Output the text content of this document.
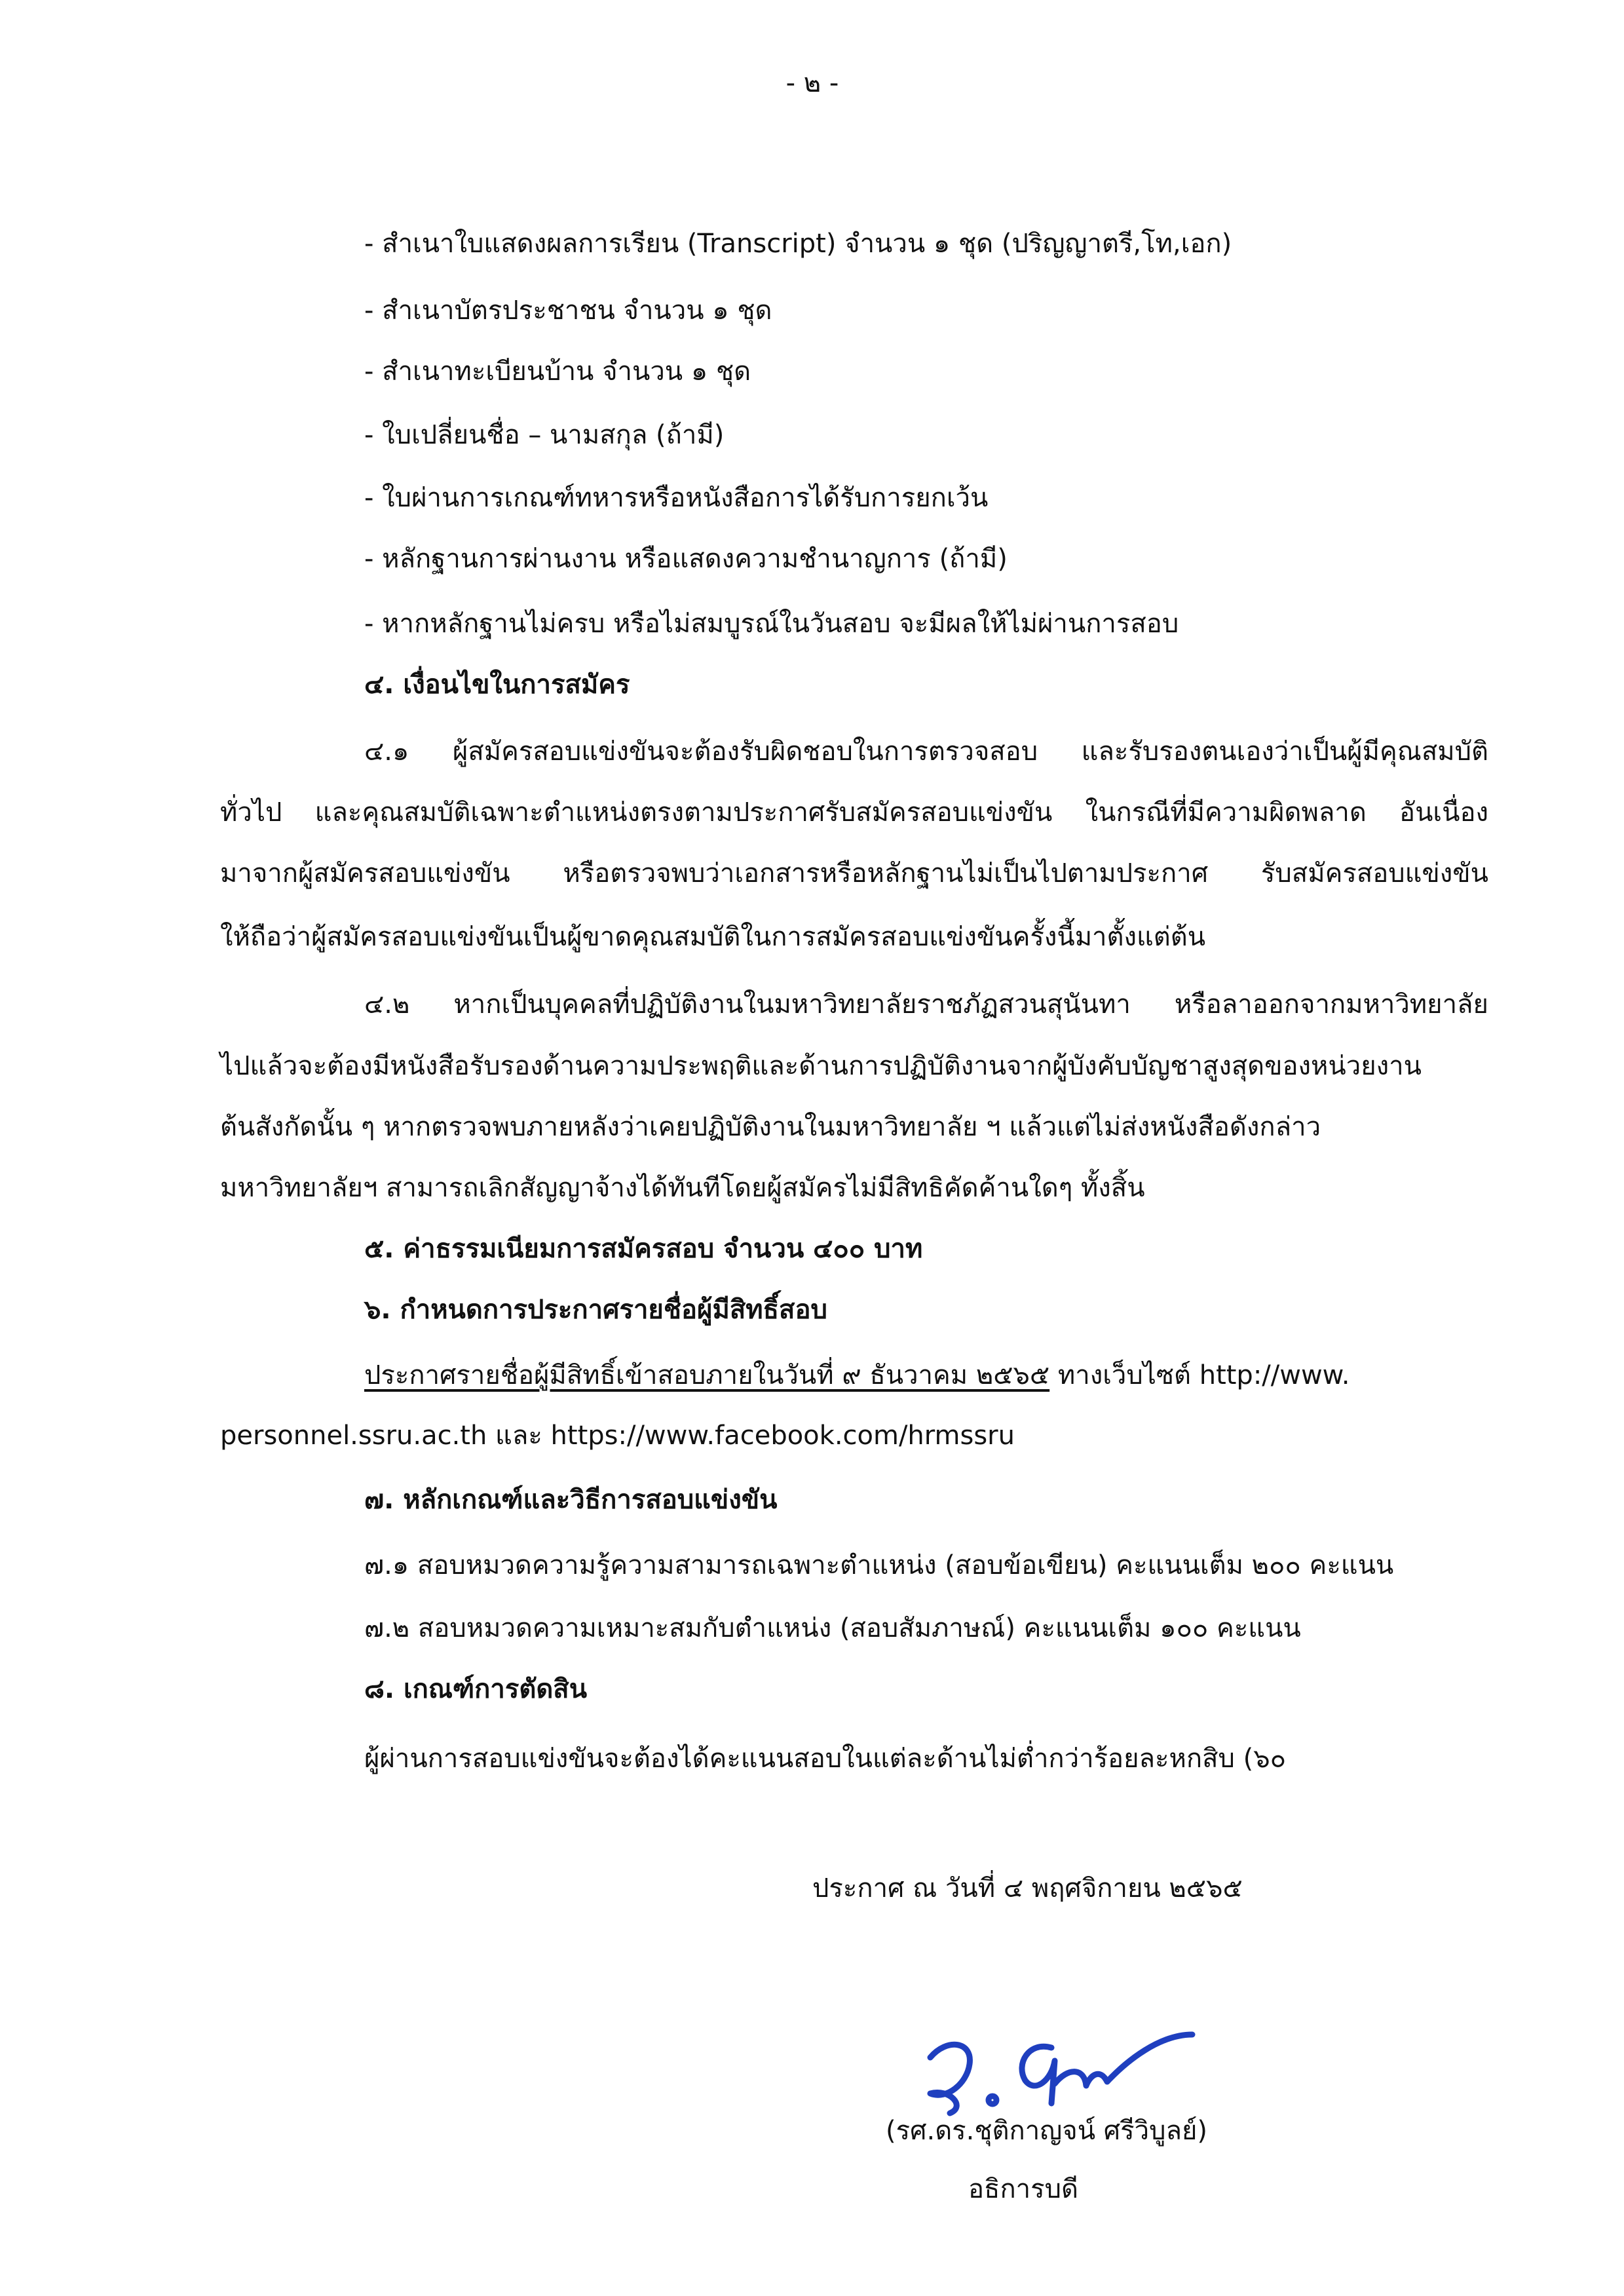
- ๒ -
- สำเนาใบแสดงผลการเรียน (Transcript) จำนวน ๑ ชุด (ปริญญาตรี,โท,เอก)
- สำเนาบัตรประชาชน จำนวน ๑ ชุด
- สำเนาทะเบียนบ้าน จำนวน ๑ ชุด
- ใบเปลี่ยนชื่อ – นามสกุล (ถ้ามี)
- ใบผ่านการเกณฑ์ทหารหรือหนังสือการได้รับการยกเว้น
- หลักฐานการผ่านงาน หรือแสดงความชำนาญการ (ถ้ามี)
- หากหลักฐานไม่ครบ หรือไม่สมบูรณ์ในวันสอบ จะมีผลให้ไม่ผ่านการสอบ
๔. เงื่อนไขในการสมัคร
๔.๑ ผู้สมัครสอบแข่งขันจะต้องรับผิดชอบในการตรวจสอบ และรับรองตนเองว่าเป็นผู้มีคุณสมบัติ
ทั่วไป และคุณสมบัติเฉพาะตำแหน่งตรงตามประกาศรับสมัครสอบแข่งขัน ในกรณีที่มีความผิดพลาด อันเนื่อง
มาจากผู้สมัครสอบแข่งขัน หรือตรวจพบว่าเอกสารหรือหลักฐานไม่เป็นไปตามประกาศ รับสมัครสอบแข่งขัน
ให้ถือว่าผู้สมัครสอบแข่งขันเป็นผู้ขาดคุณสมบัติในการสมัครสอบแข่งขันครั้งนี้มาตั้งแต่ต้น
๔.๒ หากเป็นบุคคลที่ปฏิบัติงานในมหาวิทยาลัยราชภัฏสวนสุนันทา หรือลาออกจากมหาวิทยาลัย
ไปแล้วจะต้องมีหนังสือรับรองด้านความประพฤติและด้านการปฏิบัติงานจากผู้บังคับบัญชาสูงสุดของหน่วยงาน
ต้นสังกัดนั้น ๆ หากตรวจพบภายหลังว่าเคยปฏิบัติงานในมหาวิทยาลัย ฯ แล้วแต่ไม่ส่งหนังสือดังกล่าว
มหาวิทยาลัยฯ สามารถเลิกสัญญาจ้างได้ทันทีโดยผู้สมัครไม่มีสิทธิคัดค้านใดๆ ทั้งสิ้น
๕. ค่าธรรมเนียมการสมัครสอบ จำนวน ๔๐๐ บาท
๖. กำหนดการประกาศรายชื่อผู้มีสิทธิ์สอบ
ประกาศรายชื่อผู้มีสิทธิ์เข้าสอบภายในวันที่ ๙ ธันวาคม ๒๕๖๕ ทางเว็บไซต์ http://www.
personnel.ssru.ac.th และ https://www.facebook.com/hrmssru
๗. หลักเกณฑ์และวิธีการสอบแข่งขัน
๗.๑ สอบหมวดความรู้ความสามารถเฉพาะตำแหน่ง (สอบข้อเขียน) คะแนนเต็ม ๒๐๐ คะแนน
๗.๒ สอบหมวดความเหมาะสมกับตำแหน่ง (สอบสัมภาษณ์) คะแนนเต็ม ๑๐๐ คะแนน
๘. เกณฑ์การตัดสิน
ผู้ผ่านการสอบแข่งขันจะต้องได้คะแนนสอบในแต่ละด้านไม่ต่ำกว่าร้อยละหกสิบ (๖๐
ประกาศ ณ วันที่ ๔ พฤศจิกายน ๒๕๖๕
(รศ.ดร.ชุติกาญจน์ ศรีวิบูลย์)
อธิการบดี
